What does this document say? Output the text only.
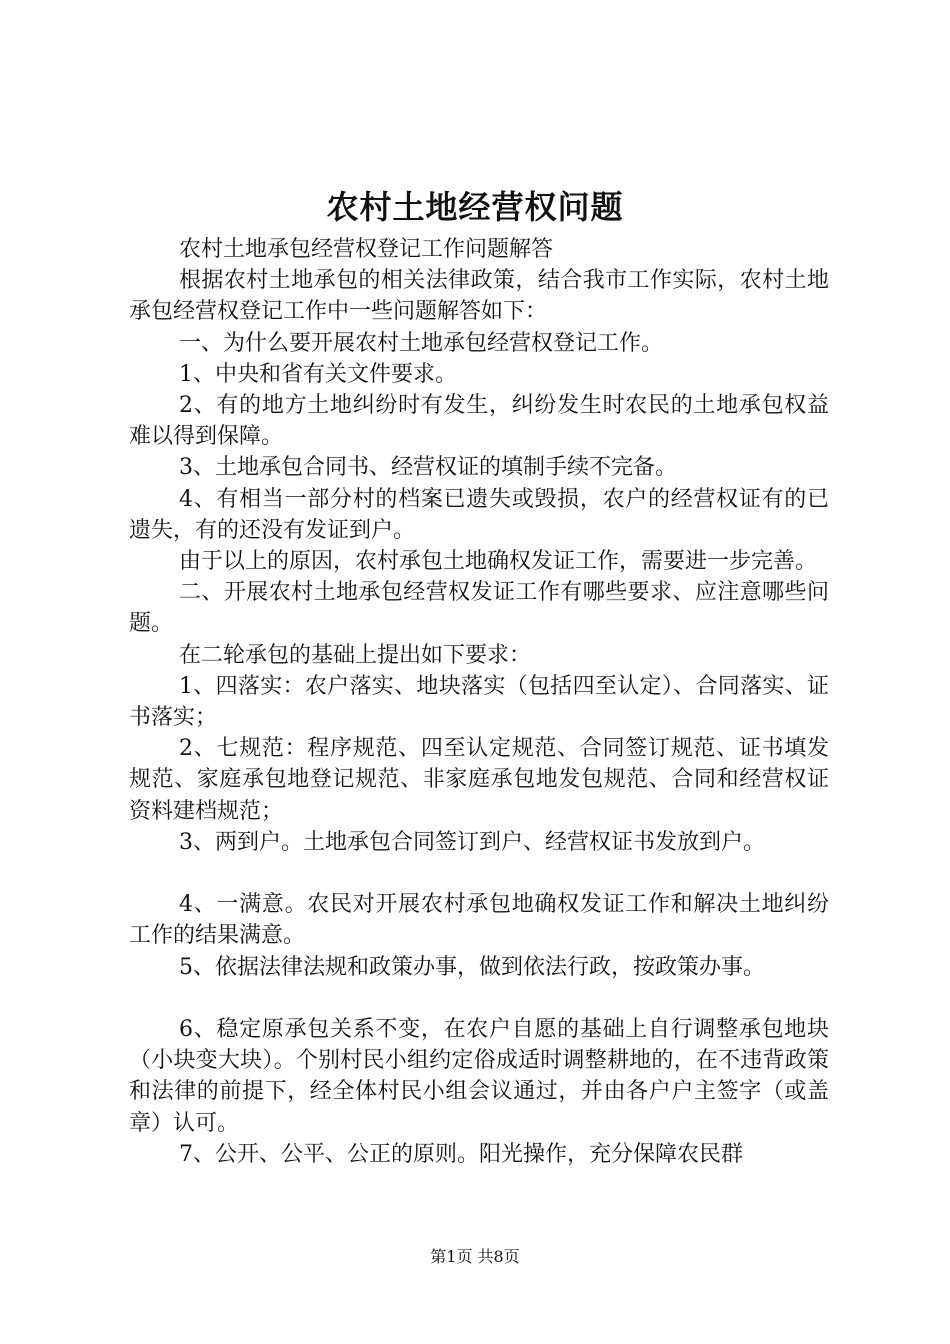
农村土地经营权问题

农村土地承包经营权登记工作问题解答

根据农村土地承包的相关法律政策，结合我市工作实际，农村土地承包经营权登记工作中一些问题解答如下：

一、为什么要开展农村土地承包经营权登记工作。

1、中央和省有关文件要求。

2、有的地方土地纠纷时有发生，纠纷发生时农民的土地承包权益难以得到保障。

3、土地承包合同书、经营权证的填制手续不完备。

4、有相当一部分村的档案已遗失或毁损，农户的经营权证有的已遗失，有的还没有发证到户。

由于以上的原因，农村承包土地确权发证工作，需要进一步完善。

二、开展农村土地承包经营权发证工作有哪些要求、应注意哪些问题。

在二轮承包的基础上提出如下要求：

1、四落实：农户落实、地块落实（包括四至认定）、合同落实、证书落实；

2、七规范：程序规范、四至认定规范、合同签订规范、证书填发规范、家庭承包地登记规范、非家庭承包地发包规范、合同和经营权证资料建档规范；

3、两到户。土地承包合同签订到户、经营权证书发放到户。

4、一满意。农民对开展农村承包地确权发证工作和解决土地纠纷工作的结果满意。

5、依据法律法规和政策办事，做到依法行政，按政策办事。

6、稳定原承包关系不变，在农户自愿的基础上自行调整承包地块（小块变大块）。个别村民小组约定俗成适时调整耕地的，在不违背政策和法律的前提下，经全体村民小组会议通过，并由各户户主签字（或盖章）认可。

7、公开、公平、公正的原则。阳光操作，充分保障农民群

第1页 共8页
